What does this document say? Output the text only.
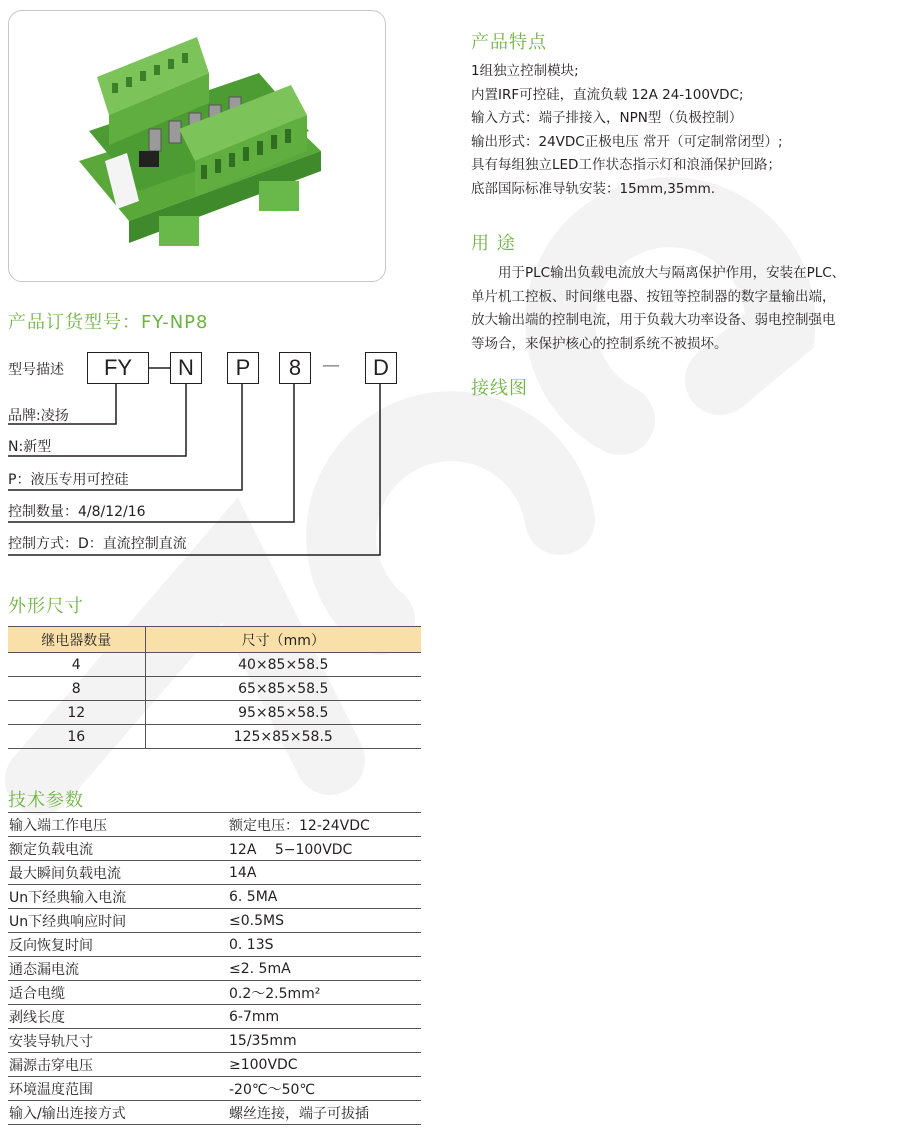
产品特点
1组独立控制模块;
内置IRF可控硅，直流负载 12A 24-100VDC;
输入方式：端子排接入，NPN型（负极控制）
输出形式：24VDC正极电压 常开（可定制常闭型）;
具有每组独立LED工作状态指示灯和浪涌保护回路；
底部国际标准导轨安装：15mm,35mm.
用 途
　　用于PLC输出负载电流放大与隔离保护作用，安装在PLC、
单片机工控板、时间继电器、按钮等控制器的数字量输出端，
放大输出端的控制电流，用于负载大功率设备、弱电控制强电
等场合，来保护核心的控制系统不被损坏。
接线图
产品订货型号：FY-NP8
型号描述	FY	N	P	8	—	D
品牌:凌扬
N:新型
P：液压专用可控硅
控制数量：4/8/12/16
控制方式：D：直流控制直流
外形尺寸
继电器数量	尺寸（mm）
4	40×85×58.5
8	65×85×58.5
12	95×85×58.5
16	125×85×58.5
技术参数
输入端工作电压	额定电压：12-24VDC
额定负载电流	12A　 5−100VDC
最大瞬间负载电流	14A
Un下经典输入电流	6. 5MA
Un下经典响应时间	≤0.5MS
反向恢复时间	0. 13S
通态漏电流	≤2. 5mA
适合电缆	0.2～2.5mm²
剥线长度	6-7mm
安装导轨尺寸	15/35mm
漏源击穿电压	≥100VDC
环境温度范围	-20℃～50℃
输入/输出连接方式	螺丝连接，端子可拔插
